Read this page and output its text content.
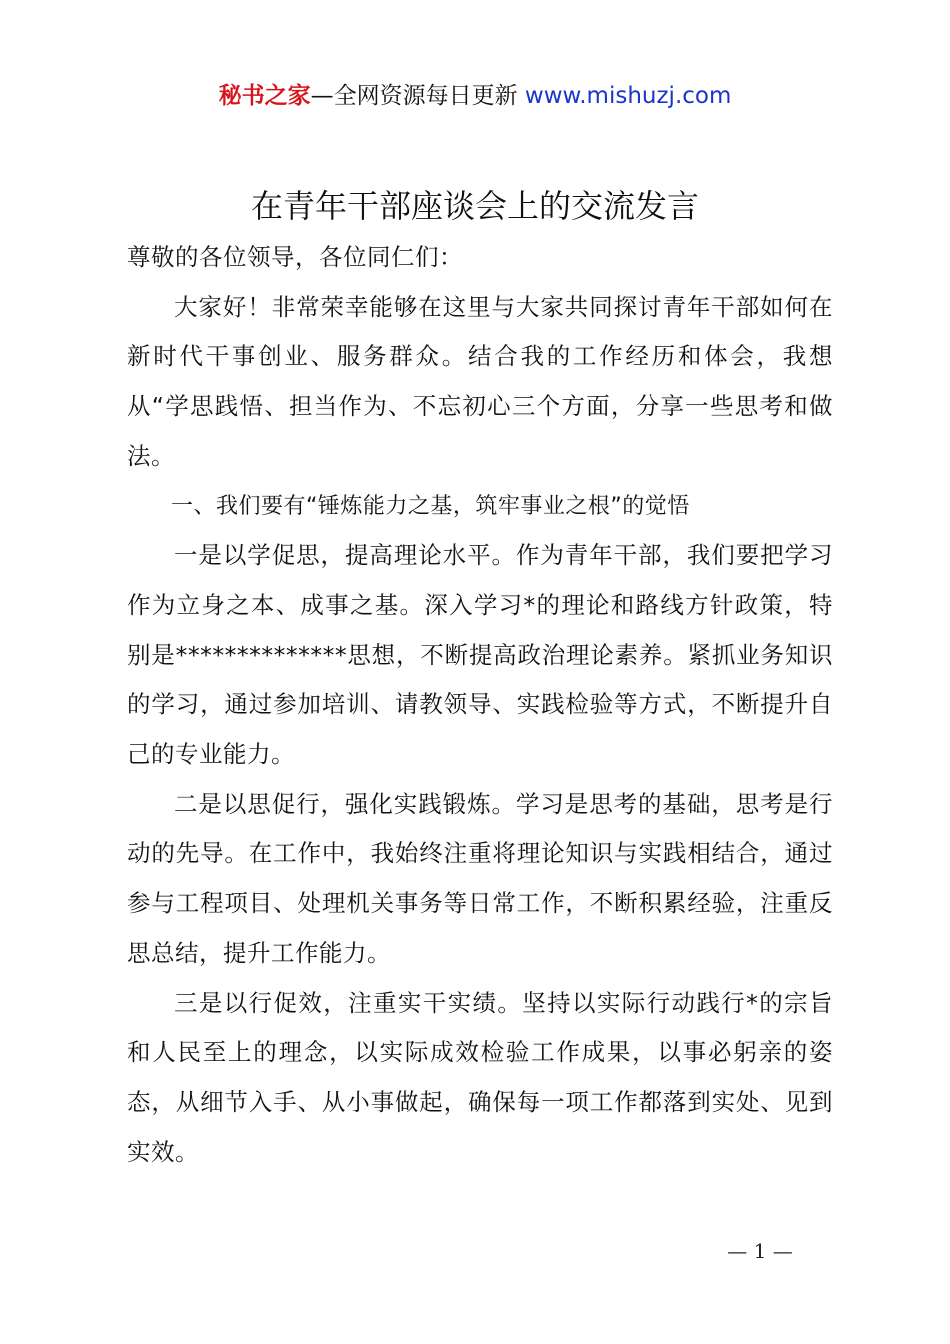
秘书之家—全网资源每日更新 www.mishuzj.com
在青年干部座谈会上的交流发言

尊敬的各位领导，各位同仁们：

大家好！非常荣幸能够在这里与大家共同探讨青年干部如何在新时代干事创业、服务群众。结合我的工作经历和体会，我想从“学思践悟、担当作为、不忘初心三个方面，分享一些思考和做法。

一、我们要有“锤炼能力之基，筑牢事业之根”的觉悟

一是以学促思，提高理论水平。作为青年干部，我们要把学习作为立身之本、成事之基。深入学习*的理论和路线方针政策，特别是**************思想，不断提高政治理论素养。紧抓业务知识的学习，通过参加培训、请教领导、实践检验等方式，不断提升自己的专业能力。

二是以思促行，强化实践锻炼。学习是思考的基础，思考是行动的先导。在工作中，我始终注重将理论知识与实践相结合，通过参与工程项目、处理机关事务等日常工作，不断积累经验，注重反思总结，提升工作能力。

三是以行促效，注重实干实绩。坚持以实际行动践行*的宗旨和人民至上的理念，以实际成效检验工作成果，以事必躬亲的姿态，从细节入手、从小事做起，确保每一项工作都落到实处、见到实效。

— 1 —
